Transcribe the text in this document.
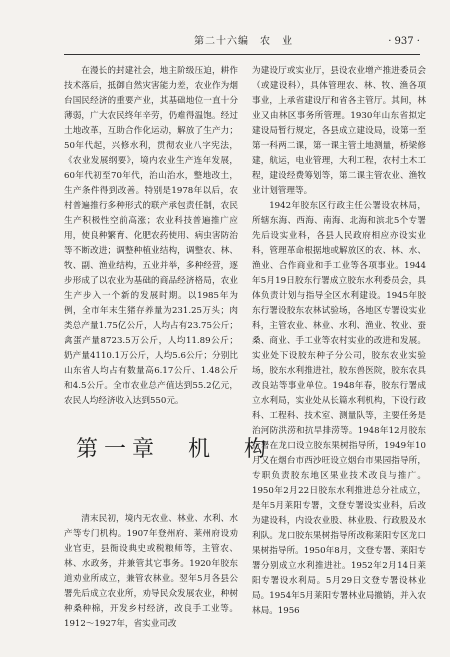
第二十六编　农　业	· 937 ·

在漫长的封建社会，地主阶级压迫，耕作技术落后，抵御自然灾害能力差，农业作为烟台国民经济的重要产业，其基础地位一直十分薄弱，广大农民终年辛劳，仍难得温饱。经过土地改革，互助合作化运动，解放了生产力；50年代起，兴修水利，贯彻农业八字宪法，《农业发展纲要》，境内农业生产连年发展，60年代初至70年代，治山治水，整地改土，生产条件得到改善。特别是1978年以后，农村普遍推行多种形式的联产承包责任制，农民生产积极性空前高涨；农业科技普遍推广应用，使良种繁育、化肥农药使用、病虫害防治等不断改进；调整种植业结构，调整农、林、牧、副、渔业结构，五业并举，多种经营，逐步形成了以农业为基础的商品经济格局，农业生产步入一个新的发展时期。以1985年为例，全市年末生猪存养量为231.25万头；肉类总产量1.75亿公斤，人均占有23.75公斤；禽蛋产量8723.5万公斤，人均11.89公斤；奶产量4110.1万公斤，人均5.6公斤；分别比山东省人均占有数量高6.17公斤、1.48公斤和4.5公斤。全市农业总产值达到55.2亿元，农民人均经济收入达到550元。

第一章　机　构

清末民初，境内无农业、林业、水利、水产等专门机构。1907年登州府、莱州府设劝业官吏，县衙设典史或税粮师等，主管农、林、水政务，并兼管其它事务。1920年胶东道劝业所成立，兼管农林业。翌年5月各县公署先后成立农业所，劝导民众发展农业，种树种桑种棉，开发乡村经济，改良手工业等。1912～1927年，省实业司改

为建设厅或实业厅，县设农业增产推进委员会（或建设科），具体管理农、林、牧、渔各项事业，上承省建设厅和省各主管厅。其间，林业又由林区事务所管理。1930年山东省拟定建设局暂行规定，各县成立建设局，设第一至第一科两二课，第一课主管土地测量，桥梁修建，航运，电业管理，大利工程，农村土木工程，建设经费筹划等，第二课主管农业、渔牧业计划管理等。

1942年胶东区行政主任公署设农林局，所辖东海、西海、南海、北海和滨北5个专署先后设实业科，各县人民政府相应亦设实业科，管理革命根据地或解放区的农、林、水、渔业、合作商业和手工业等各项事业。1944年5月19日胶东行署成立胶东水利委员会，具体负责计划与指导全区水利建设。1945年胶东行署设胶东农林试验场，各地区专署设实业科，主管农业、林业、水利、渔业、牧业、蚕桑、商业、手工业等农村实业的改进和发展。实业处下设胶东种子分公司，胶东农业实验场，胶东水利推进社，胶东兽医院，胶东农具改良站等事业单位。1948年春，胶东行署成立水利局，实业处从长篇水利机构，下设行政科、工程科、技术室、测量队等，主要任务是治河防洪涝和抗旱排涝等。1948年12月胶东行署在龙口设立胶东果树指导所，1949年10月又在烟台市西沙旺设立烟台市果园指导所，专职负责胶东地区果业技术改良与推广。1950年2月22日胶东水利推进总分社成立，是年5月莱阳专署，文登专署设实业科，后改为建设科，内设农业股、林业股、行政股及水利队。龙口胶东果树指导所改称莱阳专区龙口果树指导所。1950年8月，文登专署、莱阳专署分别成立水利推进社。1952年2月14日莱阳专署设水利局。5月29日文登专署设林业局。1954年5月莱阳专署林业局撤销，并入农林局。1956
